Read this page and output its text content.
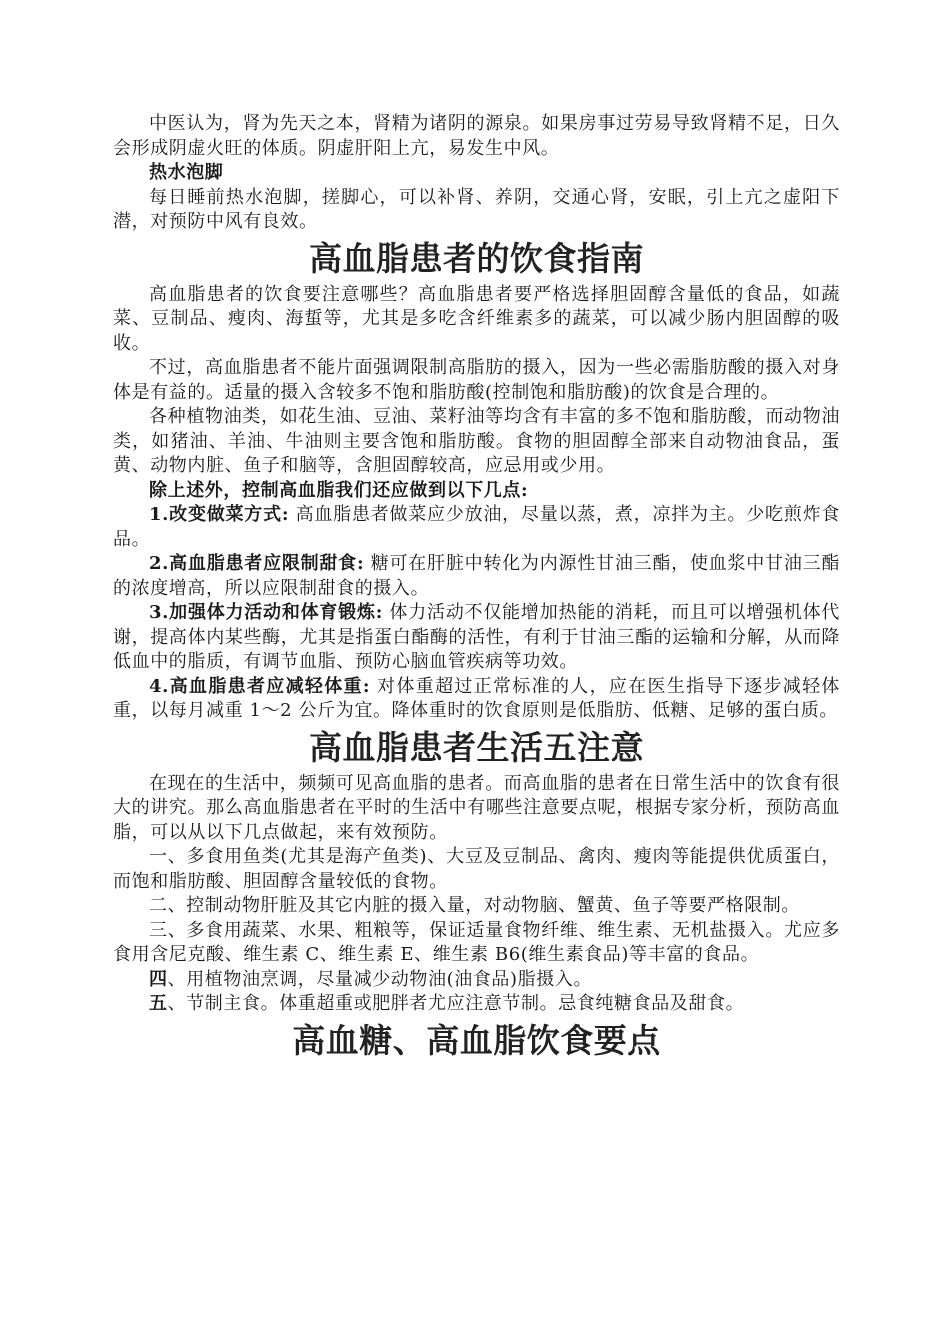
中医认为，肾为先天之本，肾精为诸阴的源泉。如果房事过劳易导致肾精不足，日久会形成阴虚火旺的体质。阴虚肝阳上亢，易发生中风。

热水泡脚

每日睡前热水泡脚，搓脚心，可以补肾、养阴，交通心肾，安眠，引上亢之虚阳下潜，对预防中风有良效。

高血脂患者的饮食指南

高血脂患者的饮食要注意哪些？高血脂患者要严格选择胆固醇含量低的食品，如蔬菜、豆制品、瘦肉、海蜇等，尤其是多吃含纤维素多的蔬菜，可以减少肠内胆固醇的吸收。

不过，高血脂患者不能片面强调限制高脂肪的摄入，因为一些必需脂肪酸的摄入对身体是有益的。适量的摄入含较多不饱和脂肪酸(控制饱和脂肪酸)的饮食是合理的。

各种植物油类，如花生油、豆油、菜籽油等均含有丰富的多不饱和脂肪酸，而动物油类，如猪油、羊油、牛油则主要含饱和脂肪酸。食物的胆固醇全部来自动物油食品，蛋黄、动物内脏、鱼子和脑等，含胆固醇较高，应忌用或少用。

除上述外，控制高血脂我们还应做到以下几点:

1.改变做菜方式: 高血脂患者做菜应少放油，尽量以蒸，煮，凉拌为主。少吃煎炸食品。

2.高血脂患者应限制甜食: 糖可在肝脏中转化为内源性甘油三酯，使血浆中甘油三酯的浓度增高，所以应限制甜食的摄入。

3.加强体力活动和体育锻炼: 体力活动不仅能增加热能的消耗，而且可以增强机体代谢，提高体内某些酶，尤其是指蛋白酯酶的活性，有利于甘油三酯的运输和分解，从而降低血中的脂质，有调节血脂、预防心脑血管疾病等功效。

4.高血脂患者应减轻体重: 对体重超过正常标准的人，应在医生指导下逐步减轻体重，以每月减重 1～2 公斤为宜。降体重时的饮食原则是低脂肪、低糖、足够的蛋白质。

高血脂患者生活五注意

在现在的生活中，频频可见高血脂的患者。而高血脂的患者在日常生活中的饮食有很大的讲究。那么高血脂患者在平时的生活中有哪些注意要点呢，根据专家分析，预防高血脂，可以从以下几点做起，来有效预防。

一、多食用鱼类(尤其是海产鱼类)、大豆及豆制品、禽肉、瘦肉等能提供优质蛋白，而饱和脂肪酸、胆固醇含量较低的食物。

二、控制动物肝脏及其它内脏的摄入量，对动物脑、蟹黄、鱼子等要严格限制。

三、多食用蔬菜、水果、粗粮等，保证适量食物纤维、维生素、无机盐摄入。尤应多食用含尼克酸、维生素 C、维生素 E、维生素 B6(维生素食品)等丰富的食品。

四、用植物油烹调，尽量减少动物油(油食品)脂摄入。

五、节制主食。体重超重或肥胖者尤应注意节制。忌食纯糖食品及甜食。

高血糖、高血脂饮食要点
